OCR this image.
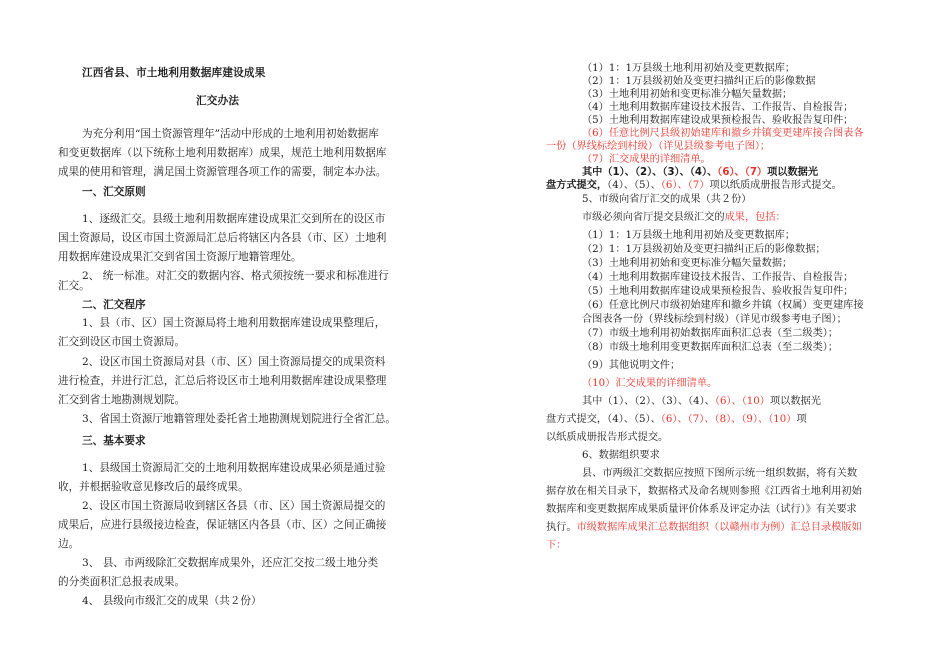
江西省县、市土地利用数据库建设成果

汇交办法

为充分利用“国土资源管理年”活动中形成的土地利用初始数据库

和变更数据库（以下统称土地利用数据库）成果，规范土地利用数据库

成果的使用和管理，满足国土资源管理各项工作的需要，制定本办法。

一、汇交原则

1、逐级汇交。县级土地利用数据库建设成果汇交到所在的设区市

国土资源局，设区市国土资源局汇总后将辖区内各县（市、区）土地利

用数据库建设成果汇交到省国土资源厅地籍管理处。

2、 统一标准。对汇交的数据内容、格式须按统一要求和标准进行

汇交。

二、汇交程序

1、县（市、区）国土资源局将土地利用数据库建设成果整理后，

汇交到设区市国土资源局。

2、设区市国土资源局对县（市、区）国土资源局提交的成果资料

进行检查，并进行汇总，汇总后将设区市土地利用数据库建设成果整理

汇交到省土地勘测规划院。

3、省国土资源厅地籍管理处委托省土地勘测规划院进行全省汇总。

三、基本要求

1、县级国土资源局汇交的土地利用数据库建设成果必须是通过验

收，并根据验收意见修改后的最终成果。

2、设区市国土资源局收到辖区各县（市、区）国土资源局提交的

成果后，应进行县级接边检查，保证辖区内各县（市、区）之间正确接

边。

3、 县、市两级除汇交数据库成果外，还应汇交按二级土地分类

的分类面积汇总报表成果。

4、 县级向市级汇交的成果（共２份）

（1）1：1万县级土地利用初始及变更数据库；

（2）1：1万县级初始及变更扫描纠正后的影像数据

（3）土地利用初始和变更标准分幅矢量数据；

（4）土地利用数据库建设技术报告、工作报告、自检报告；

（5）土地利用数据库建设成果预检报告、验收报告复印件；

（6）任意比例尺县级初始建库和撤乡并镇变更建库接合图表各

一份（界线标绘到村级）（详见县级参考电子图）；

（7）汇交成果的详细清单。

其中（1）、（2）、（3）、（4）、（6）、（7）项以数据光

盘方式提交，（4）、（5）、（6）、（7）项以纸质成册报告形式提交。

5、市级向省厅汇交的成果（共２份）

市级必须向省厅提交县级汇交的成果，包括：

（1）1：1万县级土地利用初始及变更数据库；

（2）1：1万县级初始及变更扫描纠正后的影像数据；

（3）土地利用初始和变更标准分幅矢量数据；

（4）土地利用数据库建设技术报告、工作报告、自检报告；

（5）土地利用数据库建设成果预检报告、验收报告复印件；

（6）任意比例尺市级初始建库和撤乡并镇（权属）变更建库接

合图表各一份（界线标绘到村级）（详见市级参考电子图）；

（7）市级土地利用初始数据库面积汇总表（至二级类）；

（8）市级土地利用变更数据库面积汇总表（至二级类）；

（9）其他说明文件；

（10）汇交成果的详细清单。

其中（1）、（2）、（3）、（4）、（6）、（10）项以数据光

盘方式提交，（4）、（5）、（6）、（7）、（8）、（9）、（10）项

以纸质成册报告形式提交。

6、数据组织要求

县、市两级汇交数据应按照下图所示统一组织数据，将有关数

据存放在相关目录下，数据格式及命名规则参照《江西省土地利用初始

数据库和变更数据库成果质量评价体系及评定办法（试行）》有关要求

执行。市级数据库成果汇总数据组织（以赣州市为例）汇总目录模版如

下：
